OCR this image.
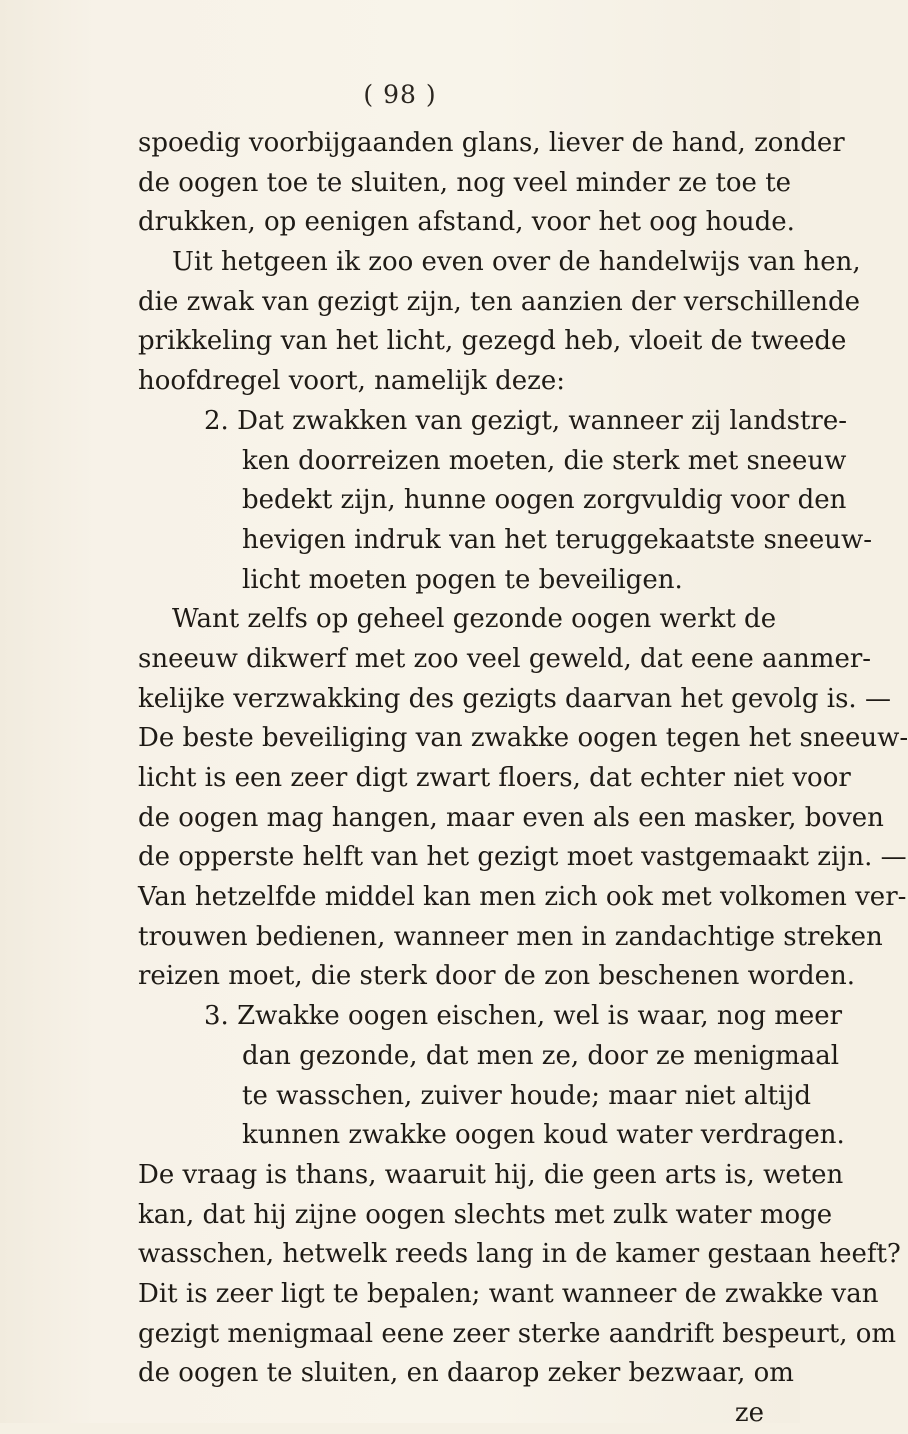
( 98 )
spoedig voorbijgaanden glans, liever de hand, zonder
de oogen toe te sluiten, nog veel minder ze toe te
drukken, op eenigen afstand, voor het oog houde.
Uit hetgeen ik zoo even over de handelwijs van hen,
die zwak van gezigt zijn, ten aanzien der verschillende
prikkeling van het licht, gezegd heb, vloeit de tweede
hoofdregel voort, namelijk deze:
2. Dat zwakken van gezigt, wanneer zij landstre-
ken doorreizen moeten, die sterk met sneeuw
bedekt zijn, hunne oogen zorgvuldig voor den
hevigen indruk van het teruggekaatste sneeuw-
licht moeten pogen te beveiligen.
Want zelfs op geheel gezonde oogen werkt de
sneeuw dikwerf met zoo veel geweld, dat eene aanmer-
kelijke verzwakking des gezigts daarvan het gevolg is. —
De beste beveiliging van zwakke oogen tegen het sneeuw-
licht is een zeer digt zwart floers, dat echter niet voor
de oogen mag hangen, maar even als een masker, boven
de opperste helft van het gezigt moet vastgemaakt zijn. —
Van hetzelfde middel kan men zich ook met volkomen ver-
trouwen bedienen, wanneer men in zandachtige streken
reizen moet, die sterk door de zon beschenen worden.
3. Zwakke oogen eischen, wel is waar, nog meer
dan gezonde, dat men ze, door ze menigmaal
te wasschen, zuiver houde; maar niet altijd
kunnen zwakke oogen koud water verdragen.
De vraag is thans, waaruit hij, die geen arts is, weten
kan, dat hij zijne oogen slechts met zulk water moge
wasschen, hetwelk reeds lang in de kamer gestaan heeft?
Dit is zeer ligt te bepalen; want wanneer de zwakke van
gezigt menigmaal eene zeer sterke aandrift bespeurt, om
de oogen te sluiten, en daarop zeker bezwaar, om
ze
